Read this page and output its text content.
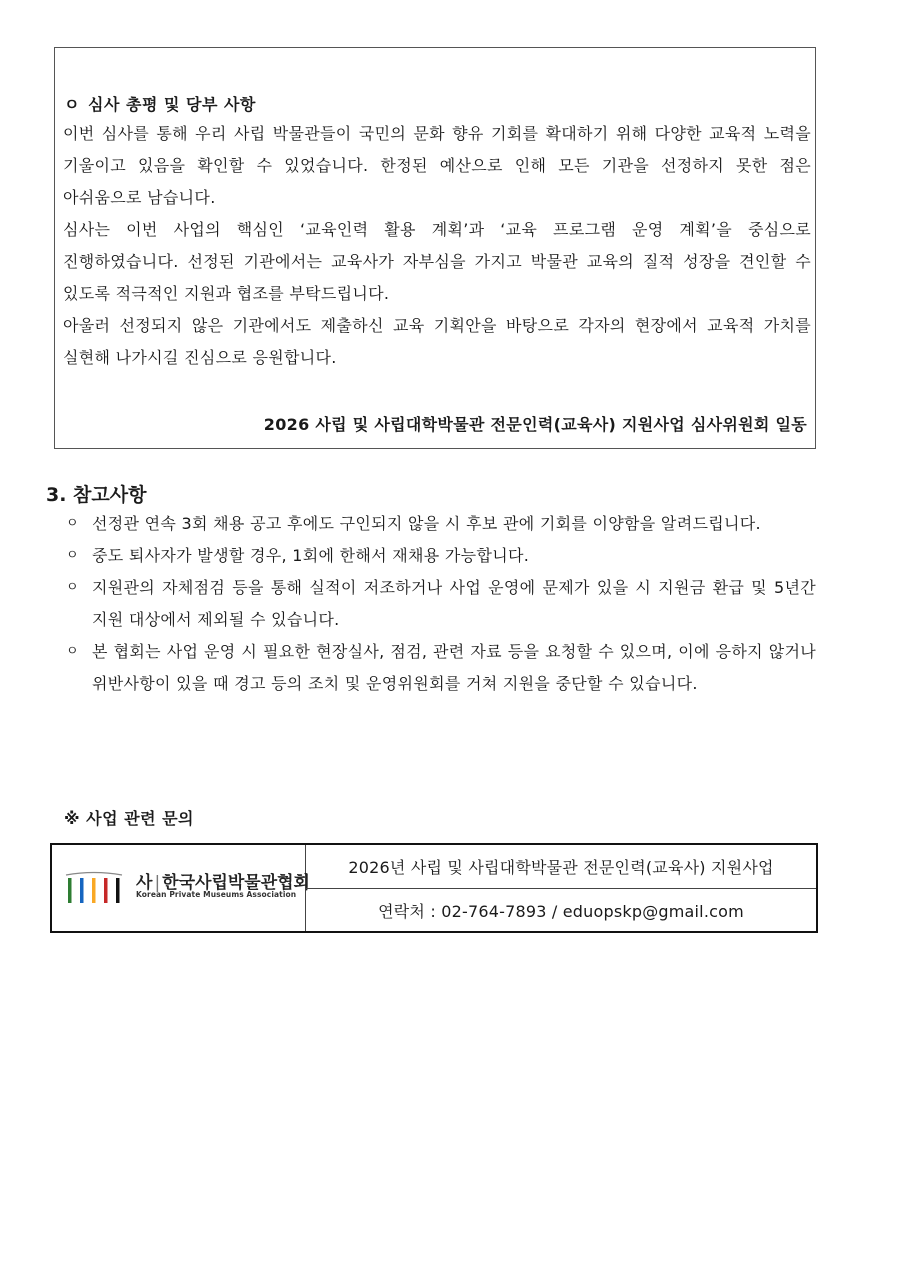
ㅇ 심사 총평 및 당부 사항

이번 심사를 통해 우리 사립 박물관들이 국민의 문화 향유 기회를 확대하기 위해 다양한 교육적 노력을 기울이고 있음을 확인할 수 있었습니다. 한정된 예산으로 인해 모든 기관을 선정하지 못한 점은 아쉬움으로 남습니다.

심사는 이번 사업의 핵심인 ‘교육인력 활용 계획’과 ‘교육 프로그램 운영 계획’을 중심으로 진행하였습니다. 선정된 기관에서는 교육사가 자부심을 가지고 박물관 교육의 질적 성장을 견인할 수 있도록 적극적인 지원과 협조를 부탁드립니다.

아울러 선정되지 않은 기관에서도 제출하신 교육 기획안을 바탕으로 각자의 현장에서 교육적 가치를 실현해 나가시길 진심으로 응원합니다.

2026 사립 및 사립대학박물관 전문인력(교육사) 지원사업 심사위원회 일동
3. 참고사항
ㅇ 선정관 연속 3회 채용 공고 후에도 구인되지 않을 시 후보 관에 기회를 이양함을 알려드립니다.
ㅇ 중도 퇴사자가 발생할 경우, 1회에 한해서 재채용 가능합니다.
ㅇ 지원관의 자체점검 등을 통해 실적이 저조하거나 사업 운영에 문제가 있을 시 지원금 환급 및 5년간 지원 대상에서 제외될 수 있습니다.
ㅇ 본 협회는 사업 운영 시 필요한 현장실사, 점검, 관련 자료 등을 요청할 수 있으며, 이에 응하지 않거나 위반사항이 있을 때 경고 등의 조치 및 운영위원회를 거쳐 지원을 중단할 수 있습니다.
※ 사업 관련 문의
사 | 한국사립박물관협회
Korean Private Museums Association
2026년 사립 및 사립대학박물관 전문인력(교육사) 지원사업
연락처 : 02-764-7893 / eduopskp@gmail.com
